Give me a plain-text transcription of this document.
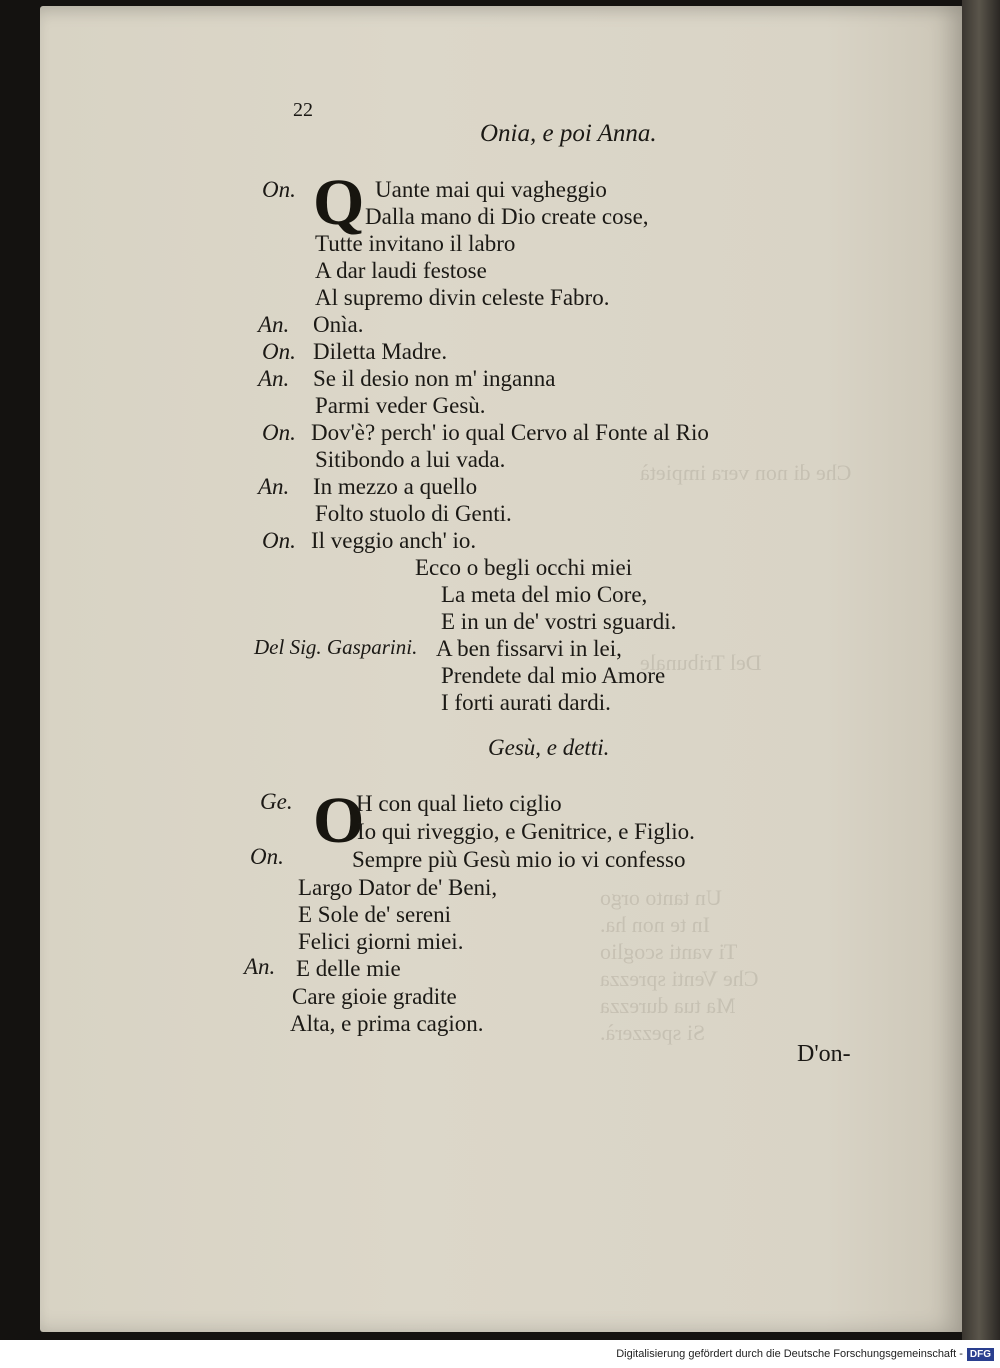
Un tanto orgo
In te non ha.
Ti vanti scoglio
Che Venti sprezza
Ma tua durezza
Si spezzerà.
Che di non vera impietà
Del Tribunale
22
Onia, e poi Anna.
Q
On.
An.
On.
An.
On.
An.
On.
Del Sig. Gasparini.
Uante mai qui vagheggio
Dalla mano di Dio create cose,
Tutte invitano il labro
A dar laudi festose
Al supremo divin celeste Fabro.
Onìa.
Diletta Madre.
Se il desio non m' inganna
Parmi veder Gesù.
Dov'è? perch' io qual Cervo al Fonte al Rio
Sitibondo a lui vada.
In mezzo a quello
Folto stuolo di Genti.
Il veggio anch' io.
Ecco o begli occhi miei
La meta del mio Core,
E in un de' vostri sguardi.
A ben fissarvi in lei,
Prendete dal mio Amore
I forti aurati dardi.
Gesù, e detti.
O
Ge.
On.
An.
H con qual lieto ciglio
Io qui riveggio, e Genitrice, e Figlio.
Sempre più Gesù mio io vi confesso
Largo Dator de' Beni,
E Sole de' sereni
Felici giorni miei.
E delle mie
Care gioie gradite
Alta, e prima cagion.
D'on-
Digitalisierung gefördert durch die Deutsche Forschungsgemeinschaft - DFG
